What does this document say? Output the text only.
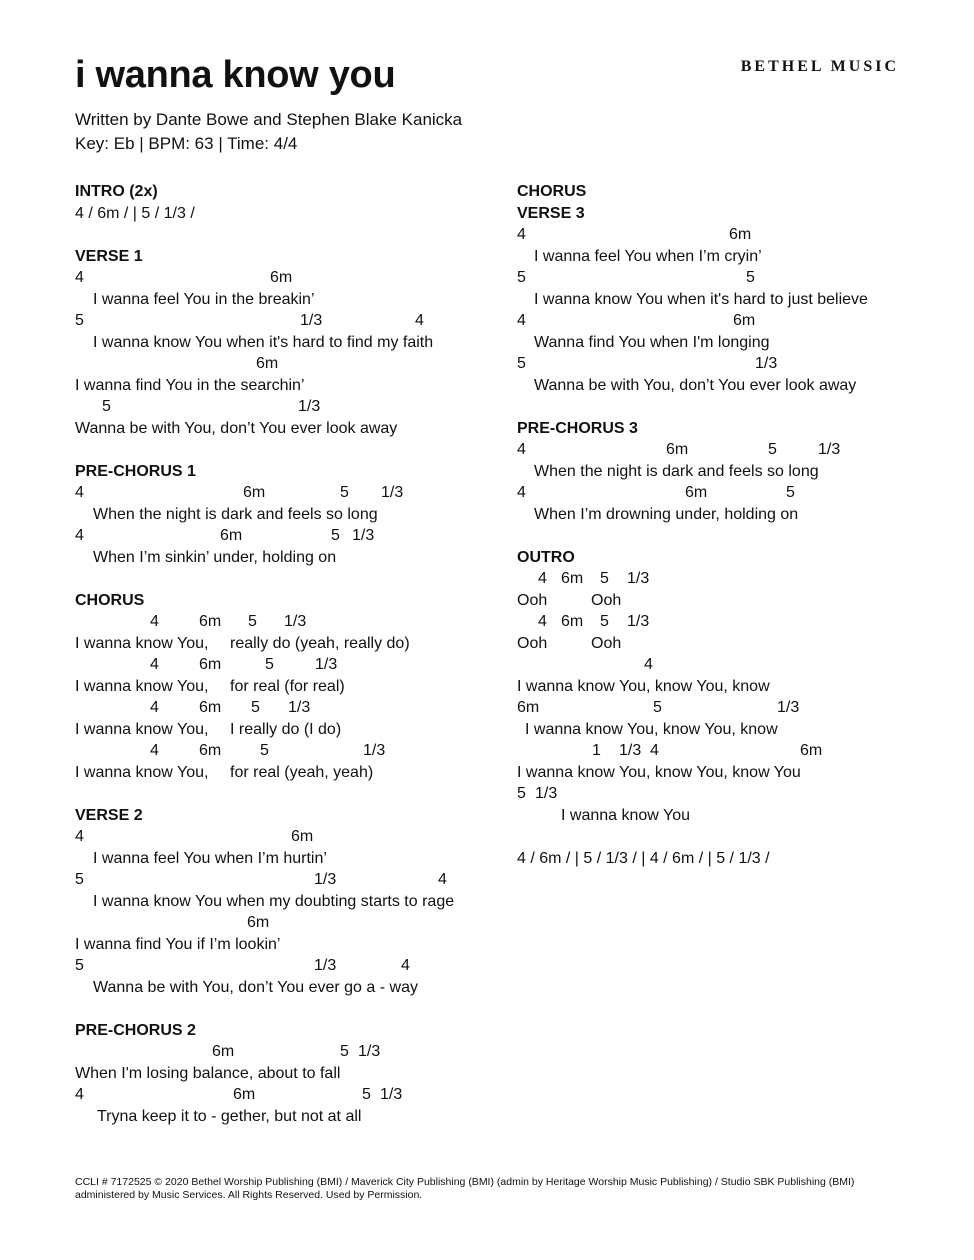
i wanna know you	BETHEL MUSIC
Written by Dante Bowe and Stephen Blake Kanicka
Key: Eb | BPM: 63 | Time: 4/4
INTRO (2x)
4 / 6m / | 5 / 1/3 /
VERSE 1
4	6m
I wanna feel You in the breakin’
5	1/3	4
I wanna know You when it's hard to find my faith
6m
I wanna find You in the searchin’
5	1/3
Wanna be with You, don’t You ever look away
PRE-CHORUS 1
4	6m	5 1/3
When the night is dark and feels so long
4	6m	5 1/3
When I’m sinkin’ under, holding on
CHORUS
4	6m 5 1/3
I wanna know You, really do (yeah, really do)
4	6m	5	1/3
I wanna know You, for real (for real)
4	6m 5 1/3
I wanna know You, I really do (I do)
4	6m 5	1/3
I wanna know You, for real (yeah, yeah)
VERSE 2
4	6m
I wanna feel You when I’m hurtin’
5	1/3	4
I wanna know You when my doubting starts to rage
6m
I wanna find You if I’m lookin’
5	1/3	4
Wanna be with You, don’t You ever go a - way
PRE-CHORUS 2
6m	5 1/3
When I'm losing balance, about to fall
4	6m	5 1/3
Tryna keep it to - gether, but not at all
CHORUS
VERSE 3
4	6m
I wanna feel You when I’m cryin’
5	5
I wanna know You when it's hard to just believe
4	6m
Wanna find You when I'm longing
5	1/3
Wanna be with You, don’t You ever look away
PRE-CHORUS 3
4	6m	5	1/3
When the night is dark and feels so long
4	6m	5
When I’m drowning under, holding on
OUTRO
4 6m 5 1/3
Ooh	Ooh
4 6m 5 1/3
Ooh	Ooh
4
I wanna know You, know You, know
6m	5	1/3
I wanna know You, know You, know
1 1/3 4	6m
I wanna know You, know You, know You
5 1/3
I wanna know You
4 / 6m / | 5 / 1/3 / | 4 / 6m / | 5 / 1/3 /
CCLI # 7172525 © 2020 Bethel Worship Publishing (BMI) / Maverick City Publishing (BMI) (admin by Heritage Worship Music Publishing) / Studio SBK Publishing (BMI)
administered by Music Services. All Rights Reserved. Used by Permission.
